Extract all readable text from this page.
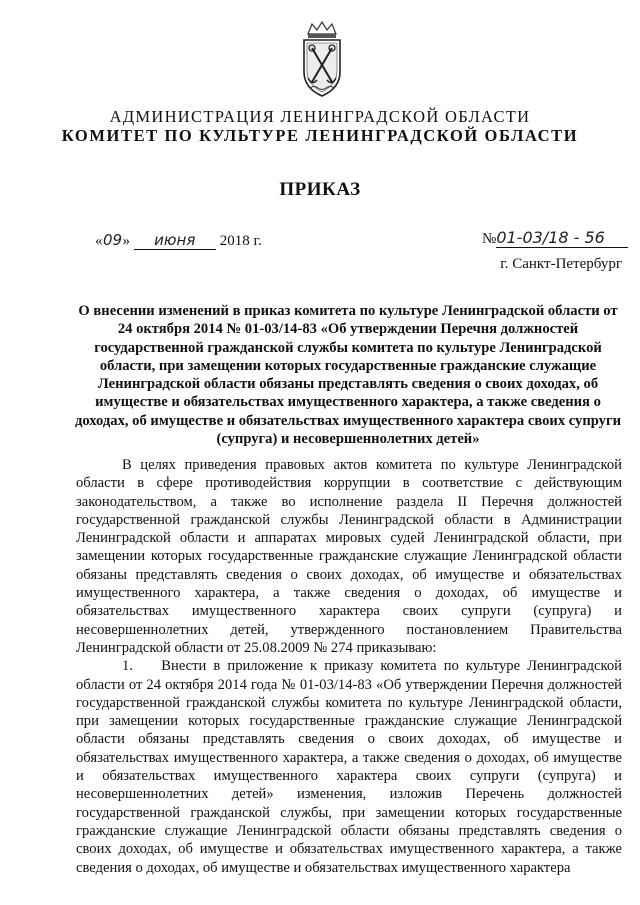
АДМИНИСТРАЦИЯ ЛЕНИНГРАДСКОЙ ОБЛАСТИ
КОМИТЕТ ПО КУЛЬТУРЕ ЛЕНИНГРАДСКОЙ ОБЛАСТИ
ПРИКАЗ
«09» июня 2018 г.	№01-03/18 - 56
г. Санкт-Петербург
О внесении изменений в приказ комитета по культуре Ленинградской области от 24 октября 2014 № 01-03/14-83 «Об утверждении Перечня должностей государственной гражданской службы комитета по культуре Ленинградской области, при замещении которых государственные гражданские служащие Ленинградской области обязаны представлять сведения о своих доходах, об имуществе и обязательствах имущественного характера, а также сведения о доходах, об имуществе и обязательствах имущественного характера своих супруги (супруга) и несовершеннолетних детей»

В целях приведения правовых актов комитета по культуре Ленинградской области в сфере противодействия коррупции в соответствие с действующим законодательством, а также во исполнение раздела II Перечня должностей государственной гражданской службы Ленинградской области в Администрации Ленинградской области и аппаратах мировых судей Ленинградской области, при замещении которых государственные гражданские служащие Ленинградской области обязаны представлять сведения о своих доходах, об имуществе и обязательствах имущественного характера, а также сведения о доходах, об имуществе и обязательствах имущественного характера своих супруги (супруга) и несовершеннолетних детей, утвержденного постановлением Правительства Ленинградской области от 25.08.2009 № 274 приказываю:

1.    Внести в приложение к приказу комитета по культуре Ленинградской области от 24 октября 2014 года № 01-03/14-83 «Об утверждении Перечня должностей государственной гражданской службы комитета по культуре Ленинградской области, при замещении которых государственные гражданские служащие Ленинградской области обязаны представлять сведения о своих доходах, об имуществе и обязательствах имущественного характера, а также сведения о доходах, об имуществе и обязательствах имущественного характера своих супруги (супруга) и несовершеннолетних детей» изменения, изложив Перечень должностей государственной гражданской службы, при замещении которых государственные гражданские служащие Ленинградской области обязаны представлять сведения о своих доходах, об имуществе и обязательствах имущественного характера, а также сведения о доходах, об имуществе и обязательствах имущественного характера
